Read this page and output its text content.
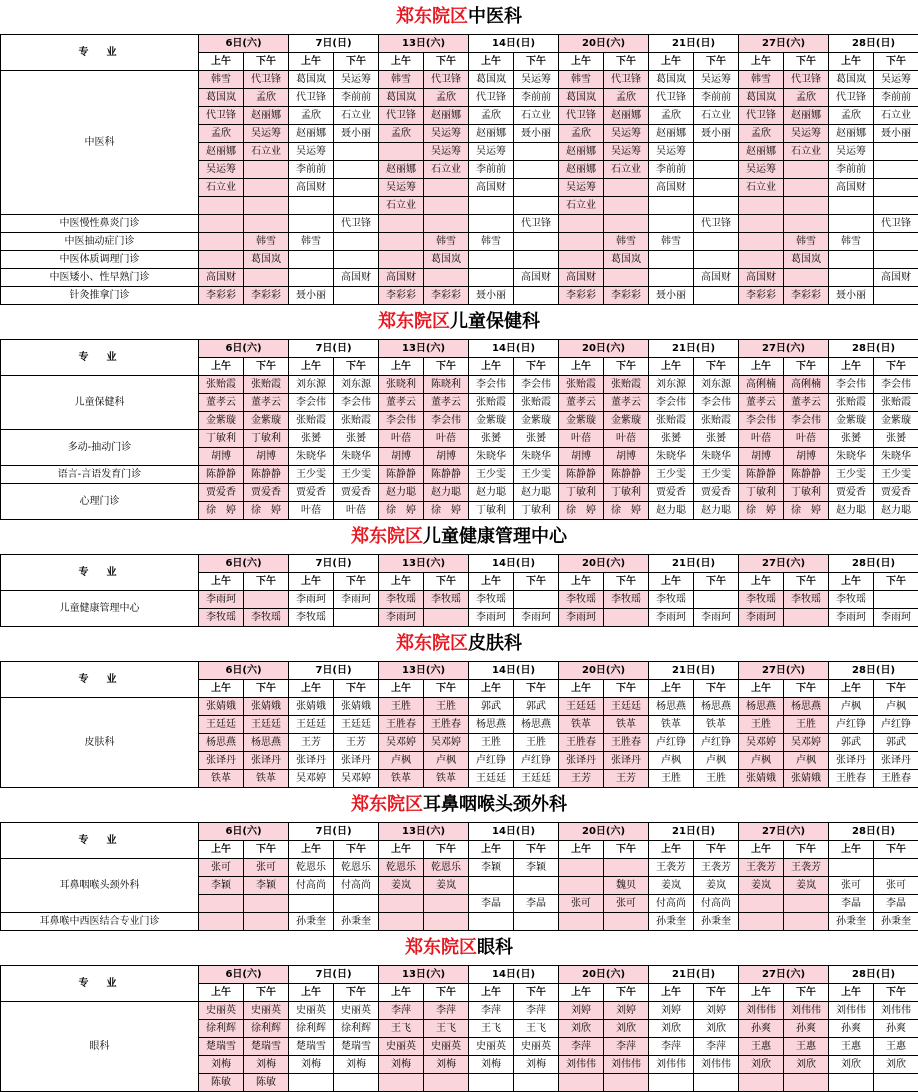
郑东院区中医科
专　业	6日(六)		7日(日)		13日(六)		14日(日)		20日(六)		21日(日)		27日(六)		28日(日)	
	上午	下午	上午	下午	上午	下午	上午	下午	上午	下午	上午	下午	上午	下午	上午	下午
中医科	韩雪	代卫锋	葛国岚	吴运筹	韩雪	代卫锋	葛国岚	吴运筹	韩雪	代卫锋	葛国岚	吴运筹	韩雪	代卫锋	葛国岚	吴运筹
	葛国岚	孟欣	代卫锋	李前前	葛国岚	孟欣	代卫锋	李前前	葛国岚	孟欣	代卫锋	李前前	葛国岚	孟欣	代卫锋	李前前
	代卫锋	赵丽娜	孟欣	石立业	代卫锋	赵丽娜	孟欣	石立业	代卫锋	赵丽娜	孟欣	石立业	代卫锋	赵丽娜	孟欣	石立业
	孟欣	吴运筹	赵丽娜	聂小丽	孟欣	吴运筹	赵丽娜	聂小丽	孟欣	吴运筹	赵丽娜	聂小丽	孟欣	吴运筹	赵丽娜	聂小丽
	赵丽娜	石立业	吴运筹			吴运筹	吴运筹		赵丽娜	吴运筹	吴运筹		赵丽娜	石立业	吴运筹	
	吴运筹		李前前		赵丽娜	石立业	李前前		赵丽娜	石立业	李前前		吴运筹		李前前	
	石立业		高国财		吴运筹		高国财		吴运筹		高国财		石立业		高国财	
					石立业				石立业							
中医慢性鼻炎门诊				代卫锋				代卫锋				代卫锋				代卫锋
中医抽动症门诊		韩雪	韩雪			韩雪	韩雪			韩雪	韩雪			韩雪	韩雪	
中医体质调理门诊		葛国岚				葛国岚				葛国岚				葛国岚		
中医矮小、性早熟门诊	高国财			高国财	高国财			高国财	高国财			高国财	高国财			高国财
针灸推拿门诊	李彩彩	李彩彩	聂小丽		李彩彩	李彩彩	聂小丽		李彩彩	李彩彩	聂小丽		李彩彩	李彩彩	聂小丽	
郑东院区儿童保健科
专　业	6日(六)		7日(日)		13日(六)		14日(日)		20日(六)		21日(日)		27日(六)		28日(日)	
	上午	下午	上午	下午	上午	下午	上午	下午	上午	下午	上午	下午	上午	下午	上午	下午
儿童保健科	张贻霞	张贻霞	刘东源	刘东源	张晓利	陈晓利	李会伟	李会伟	张贻霞	张贻霞	刘东源	刘东源	高俐楠	高俐楠	李会伟	李会伟
	董孝云	董孝云	李会伟	李会伟	董孝云	董孝云	张贻霞	张贻霞	董孝云	董孝云	李会伟	李会伟	董孝云	董孝云	张贻霞	张贻霞
	金紫璇	金紫璇	张贻霞	张贻霞	李会伟	李会伟	金紫璇	金紫璇	金紫璇	金紫璇	张贻霞	张贻霞	李会伟	李会伟	金紫璇	金紫璇
多动-抽动门诊	丁敏利	丁敏利	张赟	张赟	叶蓓	叶蓓	张赟	张赟	叶蓓	叶蓓	张赟	张赟	叶蓓	叶蓓	张赟	张赟
	胡博	胡博	朱晓华	朱晓华	胡博	胡博	朱晓华	朱晓华	胡博	胡博	朱晓华	朱晓华	胡博	胡博	朱晓华	朱晓华
语言-言语发育门诊	陈静静	陈静静	王少雯	王少雯	陈静静	陈静静	王少雯	王少雯	陈静静	陈静静	王少雯	王少雯	陈静静	陈静静	王少雯	王少雯
心理门诊	贾爱香	贾爱香	贾爱香	贾爱香	赵力聪	赵力聪	赵力聪	赵力聪	丁敏利	丁敏利	贾爱香	贾爱香	丁敏利	丁敏利	贾爱香	贾爱香
	徐　婷	徐　婷	叶蓓	叶蓓	徐　婷	徐　婷	丁敏利	丁敏利	徐　婷	徐　婷	赵力聪	赵力聪	徐　婷	徐　婷	赵力聪	赵力聪
郑东院区儿童健康管理中心
专　业	6日(六)		7日(日)		13日(六)		14日(日)		20日(六)		21日(日)		27日(六)		28日(日)	
	上午	下午	上午	下午	上午	下午	上午	下午	上午	下午	上午	下午	上午	下午	上午	下午
儿童健康管理中心	李雨珂		李雨珂	李雨珂	李牧瑶	李牧瑶	李牧瑶		李牧瑶	李牧瑶	李牧瑶		李牧瑶	李牧瑶	李牧瑶	
	李牧瑶	李牧瑶	李牧瑶		李雨珂		李雨珂	李雨珂	李雨珂		李雨珂	李雨珂	李雨珂		李雨珂	李雨珂
郑东院区皮肤科
专　业	6日(六)		7日(日)		13日(六)		14日(日)		20日(六)		21日(日)		27日(六)		28日(日)	
	上午	下午	上午	下午	上午	下午	上午	下午	上午	下午	上午	下午	上午	下午	上午	下午
皮肤科	张婧娥	张婧娥	张婧娥	张婧娥	王胜	王胜	郭武	郭武	王廷廷	王廷廷	杨思燕	杨思燕	杨思燕	杨思燕	卢枫	卢枫
	王廷廷	王廷廷	王廷廷	王廷廷	王胜春	王胜春	杨思燕	杨思燕	铁革	铁革	铁革	铁革	王胜	王胜	卢红铮	卢红铮
	杨思燕	杨思燕	王芳	王芳	吴邓婷	吴邓婷	王胜	王胜	王胜春	王胜春	卢红铮	卢红铮	吴邓婷	吴邓婷	郭武	郭武
	张译丹	张译丹	张译丹	张译丹	卢枫	卢枫	卢红铮	卢红铮	张译丹	张译丹	卢枫	卢枫	卢枫	卢枫	张译丹	张译丹
	铁革	铁革	吴邓婷	吴邓婷	铁革	铁革	王廷廷	王廷廷	王芳	王芳	王胜	王胜	张婧娥	张婧娥	王胜春	王胜春
郑东院区耳鼻咽喉头颈外科
专　业	6日(六)		7日(日)		13日(六)		14日(日)		20日(六)		21日(日)		27日(六)		28日(日)	
	上午	下午	上午	下午	上午	下午	上午	下午	上午	下午	上午	下午	上午	下午	上午	下午
耳鼻咽喉头颈外科	张可	张可	乾恩乐	乾恩乐	乾恩乐	乾恩乐	李颖	李颖			王袭芳	王袭芳	王袭芳	王袭芳		
	李颖	李颖	付高尚	付高尚	姜岚	姜岚				魏贝	姜岚	姜岚	姜岚	姜岚	张可	张可
							李晶	李晶	张可	张可	付高尚	付高尚			李晶	李晶
耳鼻喉中西医结合专业门诊			孙秉奎	孙秉奎							孙秉奎	孙秉奎			孙秉奎	孙秉奎
郑东院区眼科
专　业	6日(六)		7日(日)		13日(六)		14日(日)		20日(六)		21日(日)		27日(六)		28日(日)	
	上午	下午	上午	下午	上午	下午	上午	下午	上午	下午	上午	下午	上午	下午	上午	下午
眼科	史丽英	史丽英	史丽英	史丽英	李萍	李萍	李萍	李萍	刘婷	刘婷	刘婷	刘婷	刘伟伟	刘伟伟	刘伟伟	刘伟伟
	徐利辉	徐利辉	徐利辉	徐利辉	王飞	王飞	王飞	王飞	刘欣	刘欣	刘欣	刘欣	孙爽	孙爽	孙爽	孙爽
	楚瑞雪	楚瑞雪	楚瑞雪	楚瑞雪	史丽英	史丽英	史丽英	史丽英	李萍	李萍	李萍	李萍	王惠	王惠	王惠	王惠
	刘梅	刘梅	刘梅	刘梅	刘梅	刘梅	刘梅	刘梅	刘伟伟	刘伟伟	刘伟伟	刘伟伟	刘欣	刘欣	刘欣	刘欣
	陈敏	陈敏														
